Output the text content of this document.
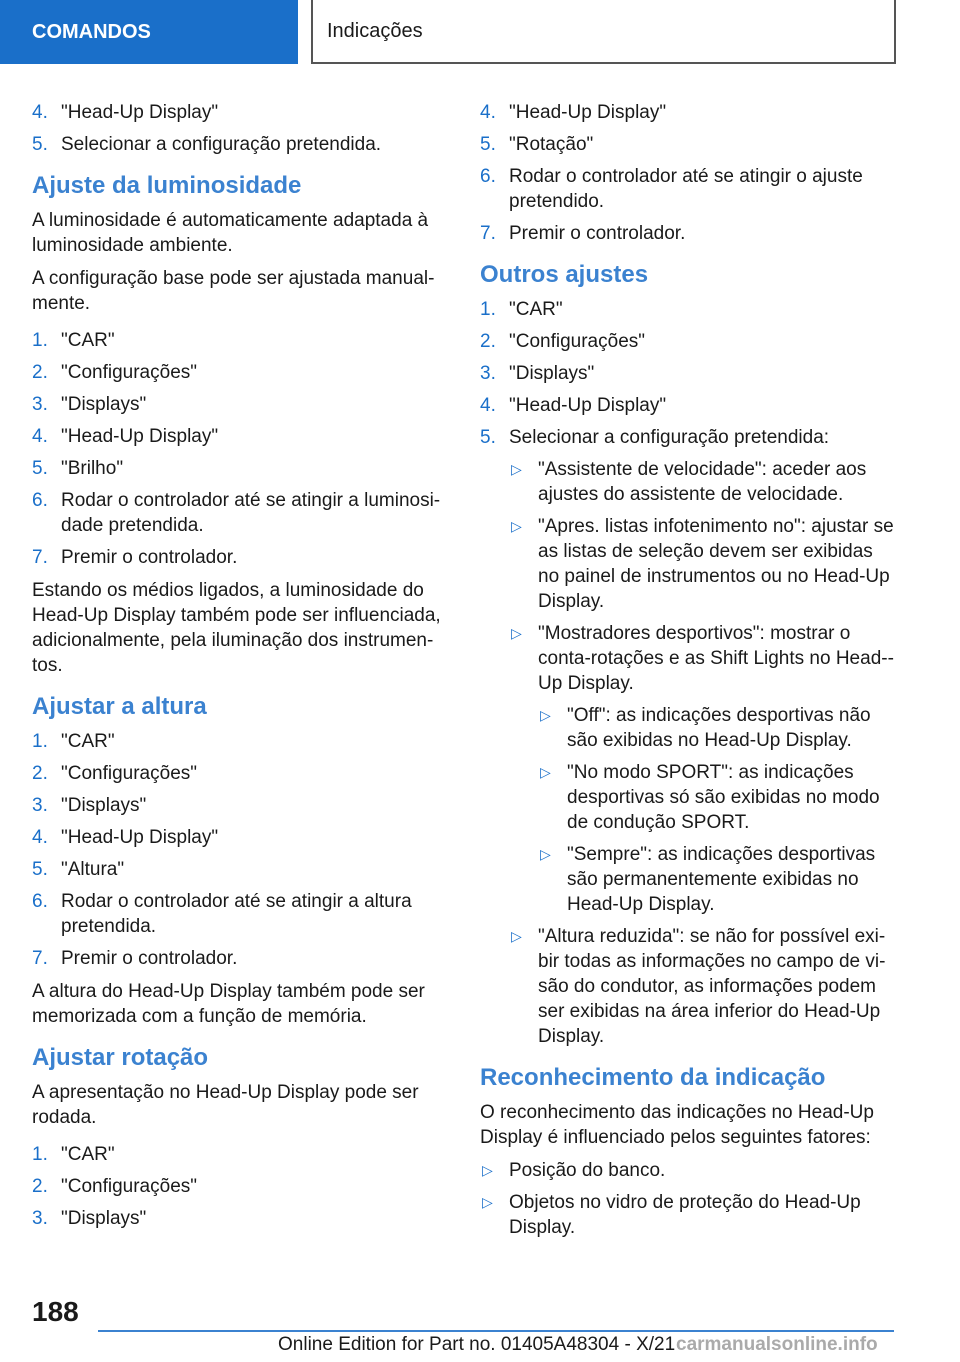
COMANDOS	Indicações
4. "Head-Up Display"
5. Selecionar a configuração pretendida.
Ajuste da luminosidade
A luminosidade é automaticamente adaptada à luminosidade ambiente.
A configuração base pode ser ajustada manual-mente.
1. "CAR"
2. "Configurações"
3. "Displays"
4. "Head-Up Display"
5. "Brilho"
6. Rodar o controlador até se atingir a luminosi-dade pretendida.
7. Premir o controlador.
Estando os médios ligados, a luminosidade do Head-Up Display também pode ser influenciada, adicionalmente, pela iluminação dos instrumen-tos.
Ajustar a altura
1. "CAR"
2. "Configurações"
3. "Displays"
4. "Head-Up Display"
5. "Altura"
6. Rodar o controlador até se atingir a altura pretendida.
7. Premir o controlador.
A altura do Head-Up Display também pode ser memorizada com a função de memória.
Ajustar rotação
A apresentação no Head-Up Display pode ser rodada.
1. "CAR"
2. "Configurações"
3. "Displays"
4. "Head-Up Display"
5. "Rotação"
6. Rodar o controlador até se atingir o ajuste pretendido.
7. Premir o controlador.
Outros ajustes
1. "CAR"
2. "Configurações"
3. "Displays"
4. "Head-Up Display"
5. Selecionar a configuração pretendida:
▷ "Assistente de velocidade": aceder aos ajustes do assistente de velocidade.
▷ "Apres. listas infotenimento no": ajustar se as listas de seleção devem ser exibidas no painel de instrumentos ou no Head-Up Display.
▷ "Mostradores desportivos": mostrar o conta-rotações e as Shift Lights no Head--Up Display.
▷ "Off": as indicações desportivas não são exibidas no Head-Up Display.
▷ "No modo SPORT": as indicações desportivas só são exibidas no modo de condução SPORT.
▷ "Sempre": as indicações desportivas são permanentemente exibidas no Head-Up Display.
▷ "Altura reduzida": se não for possível exi-bir todas as informações no campo de vi-são do condutor, as informações podem ser exibidas na área inferior do Head-Up Display.
Reconhecimento da indicação
O reconhecimento das indicações no Head-Up Display é influenciado pelos seguintes fatores:
▷ Posição do banco.
▷ Objetos no vidro de proteção do Head-Up Display.
188
Online Edition for Part no. 01405A48304 - X/21 carmanualsonline.info
